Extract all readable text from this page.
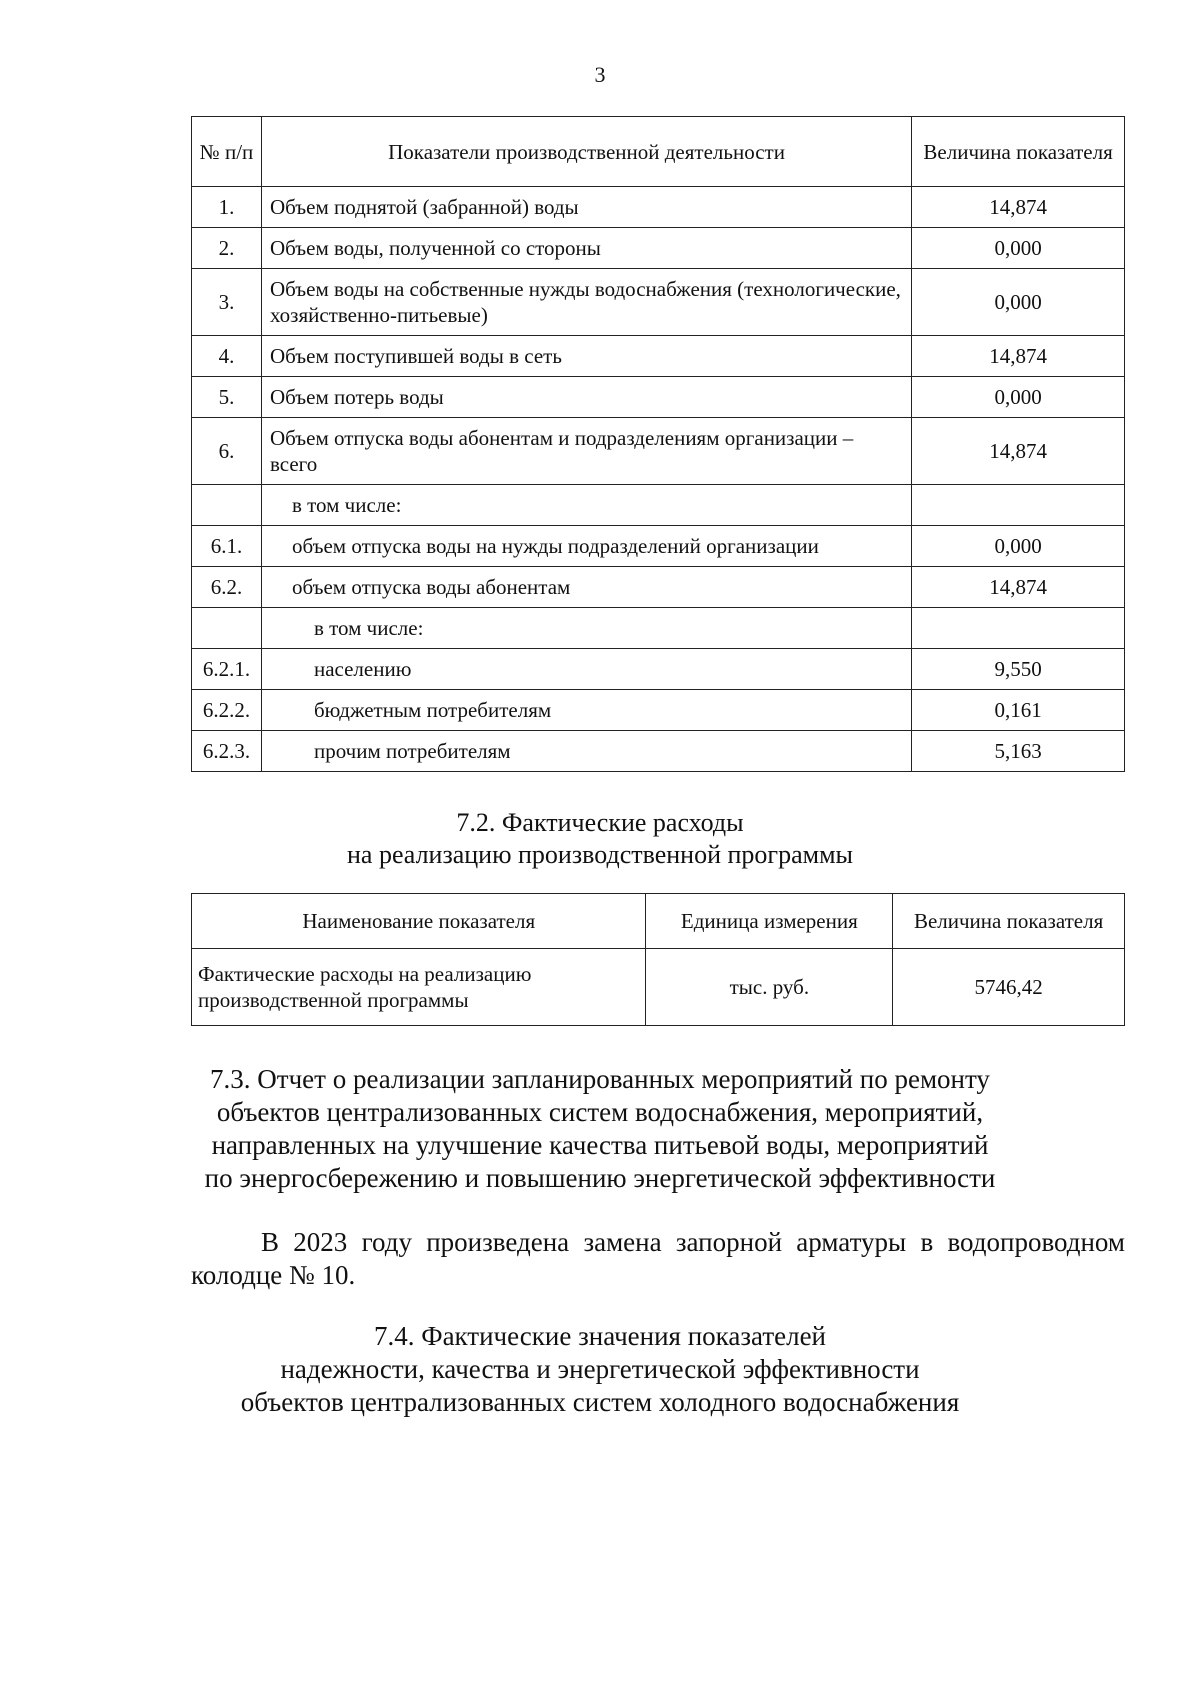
3
№ п/п	Показатели производственной деятельности	Величина показателя
1.	Объем поднятой (забранной) воды	14,874
2.	Объем воды, полученной со стороны	0,000
3.	Объем воды на собственные нужды водоснабжения (технологические, хозяйственно-питьевые)	0,000
4.	Объем поступившей воды в сеть	14,874
5.	Объем потерь воды	0,000
6.	Объем отпуска воды абонентам и подразделениям организации – всего	14,874
	в том числе:	
6.1.	объем отпуска воды на нужды подразделений организации	0,000
6.2.	объем отпуска воды абонентам	14,874
	в том числе:	
6.2.1.	населению	9,550
6.2.2.	бюджетным потребителям	0,161
6.2.3.	прочим потребителям	5,163
7.2. Фактические расходы
на реализацию производственной программы
Наименование показателя	Единица измерения	Величина показателя
Фактические расходы на реализацию производственной программы	тыс. руб.	5746,42
7.3. Отчет о реализации запланированных мероприятий по ремонту
объектов централизованных систем водоснабжения, мероприятий,
направленных на улучшение качества питьевой воды, мероприятий
по энергосбережению и повышению энергетической эффективности
В 2023 году произведена замена запорной арматуры в водопроводном колодце № 10.
7.4. Фактические значения показателей
надежности, качества и энергетической эффективности
объектов централизованных систем холодного водоснабжения
